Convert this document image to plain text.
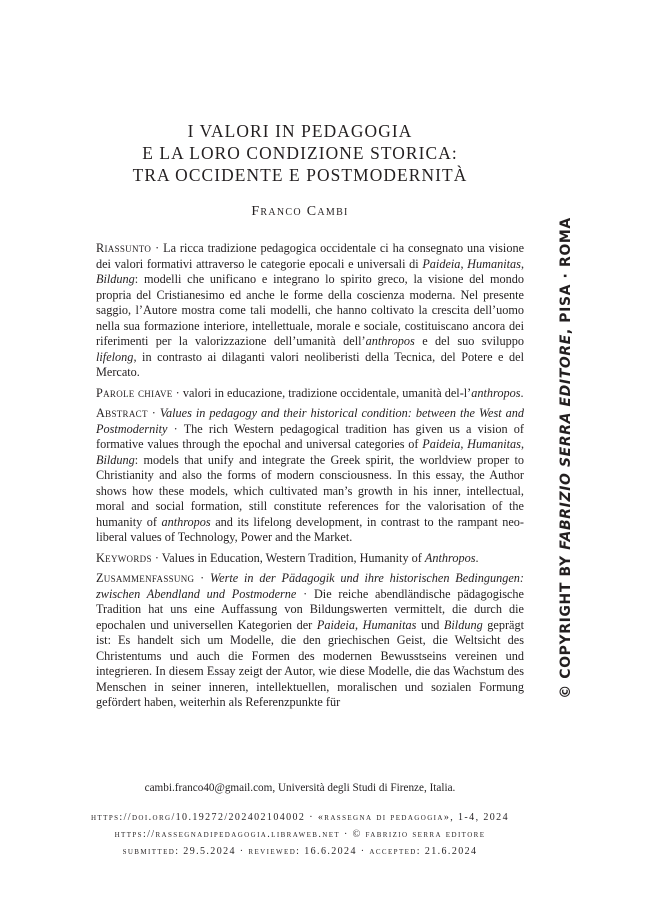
I VALORI IN PEDAGOGIA
E LA LORO CONDIZIONE STORICA:
TRA OCCIDENTE E POSTMODERNITÀ
Franco Cambi

Riassunto · La ricca tradizione pedagogica occidentale ci ha consegnato una visione dei valori formativi attraverso le categorie epocali e universali di Paideia, Humanitas, Bildung: modelli che unificano e integrano lo spirito greco, la visione del mondo propria del Cristianesimo ed anche le forme della coscienza moderna. Nel presente saggio, l’Autore mostra come tali modelli, che hanno coltivato la crescita dell’uomo nella sua formazione interiore, intellettuale, morale e sociale, costituiscano ancora dei riferimenti per la valorizzazione dell’umanità dell’anthropos e del suo sviluppo lifelong, in contrasto ai dilaganti valori neoliberisti della Tecnica, del Potere e del Mercato.

Parole chiave · valori in educazione, tradizione occidentale, umanità del-l’anthropos.

Abstract · Values in pedagogy and their historical condition: between the West and Postmodernity · The rich Western pedagogical tradition has given us a vision of formative values through the epochal and universal categories of Paideia, Humanitas, Bildung: models that unify and integrate the Greek spirit, the worldview proper to Christianity and also the forms of modern consciousness. In this essay, the Author shows how these models, which cultivated man’s growth in his inner, intellectual, moral and social formation, still constitute references for the valorisation of the humanity of anthropos and its lifelong development, in contrast to the rampant neo-liberal values of Technology, Power and the Market.

Keywords · Values in Education, Western Tradition, Humanity of Anthropos.

Zusammenfassung · Werte in der Pädagogik und ihre historischen Bedingungen: zwischen Abendland und Postmoderne · Die reiche abendländische pädagogische Tradition hat uns eine Auffassung von Bildungswerten vermittelt, die durch die epochalen und universellen Kategorien der Paideia, Humanitas und Bildung geprägt ist: Es handelt sich um Modelle, die den griechischen Geist, die Weltsicht des Christentums und auch die Formen des modernen Bewusstseins vereinen und integrieren. In diesem Essay zeigt der Autor, wie diese Modelle, die das Wachstum des Menschen in seiner inneren, intellektuellen, moralischen und sozialen Formung gefördert haben, weiterhin als Referenzpunkte für

cambi.franco40@gmail.com, Università degli Studi di Firenze, Italia.
https://doi.org/10.19272/202402104002 · «rassegna di pedagogia», 1-4, 2024
https://rassegnadipedagogia.libraweb.net · © fabrizio serra editore
submitted: 29.5.2024 · reviewed: 16.6.2024 · accepted: 21.6.2024
© COPYRIGHT BY FABRIZIO SERRA EDITORE, PISA · ROMA
